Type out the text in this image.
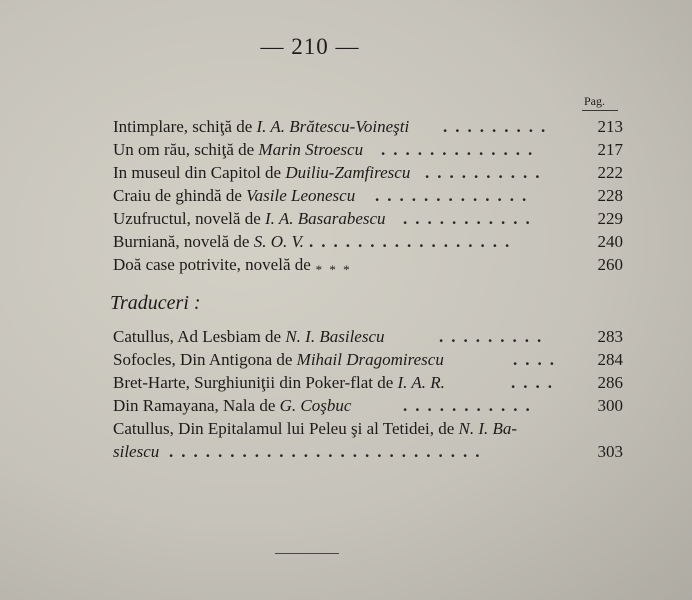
— 210 —
Pag.
Intimplare, schiţă de I. A. Brătescu-Voineşti .........	213
Un om rău, schiţă de Marin Stroescu .............	217
In museul din Capitol de Duiliu-Zamfirescu ..........	222
Craiu de ghindă de Vasile Leonescu .............	228
Uzufructul, novelă de I. A. Basarabescu ...........	229
Burniană, novelă de S. O. V. .................	240
Doă case potrivite, novelă de $_{* * *}$	260
Traduceri :
Catullus, Ad Lesbiam de N. I. Basilescu	.........	283
Sofocles, Din Antigona de Mihail Dragomirescu	....	284
Bret-Harte, Surghiuniţii din Poker-flat de I. A. R.	....	286
Din Ramayana, Nala de G. Coşbuc	...........	300
Catullus, Din Epitalamul lui Peleu şi al Tetidei, de N. I. Ba-
silescu ..........................	303
